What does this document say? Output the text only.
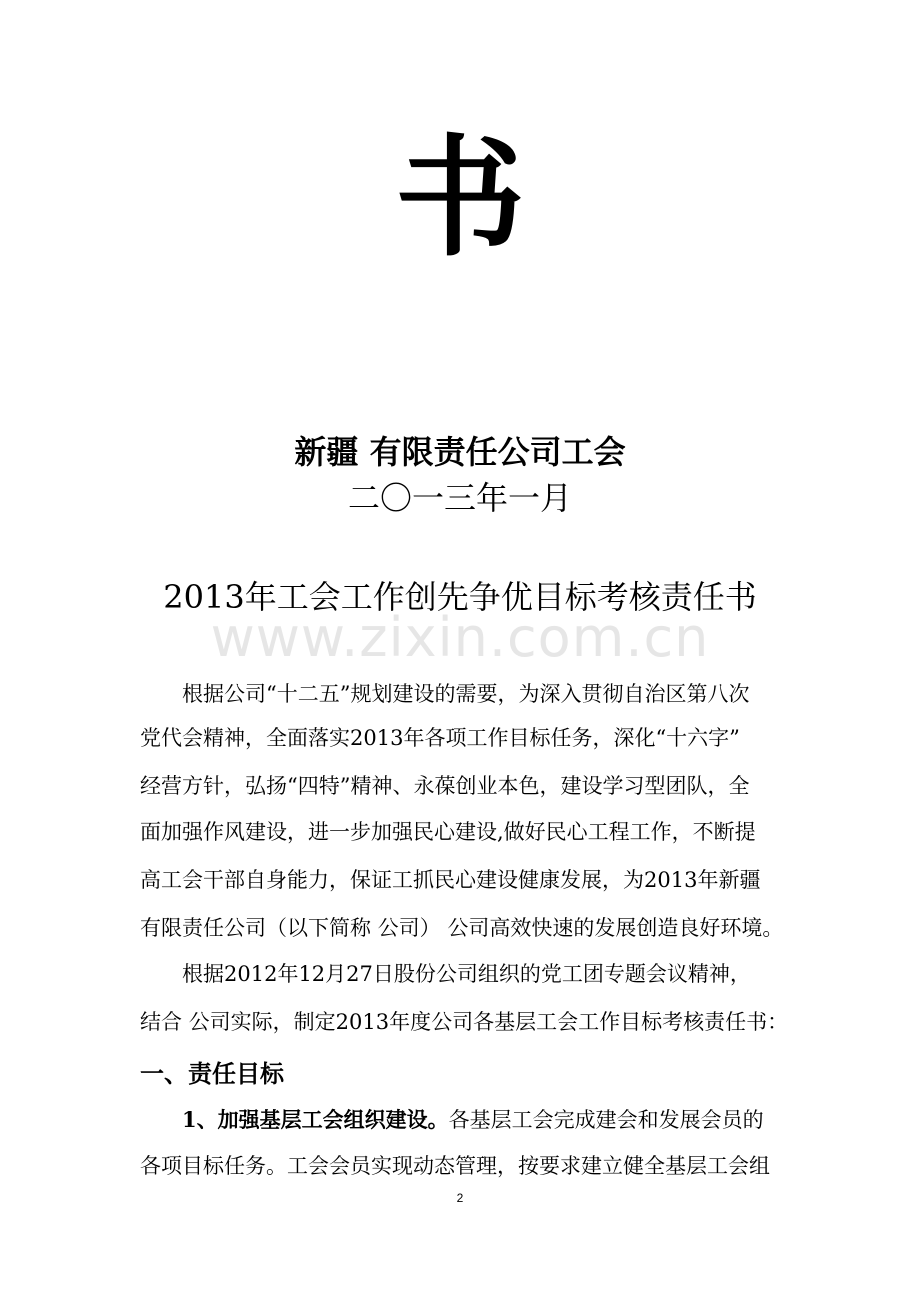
书
新疆 有限责任公司工会
二〇一三年一月
2013年工会工作创先争优目标考核责任书
www.zixin.com.cn
根据公司“十二五”规划建设的需要，为深入贯彻自治区第八次
党代会精神，全面落实2013年各项工作目标任务，深化“十六字”
经营方针，弘扬“四特”精神、永葆创业本色，建设学习型团队，全
面加强作风建设，进一步加强民心建设,做好民心工程工作，不断提
高工会干部自身能力，保证工抓民心建设健康发展，为2013年新疆
有限责任公司（以下简称 公司） 公司高效快速的发展创造良好环境。
根据2012年12月27日股份公司组织的党工团专题会议精神，
结合 公司实际，制定2013年度公司各基层工会工作目标考核责任书：
一、责任目标
1、加强基层工会组织建设。各基层工会完成建会和发展会员的
各项目标任务。工会会员实现动态管理，按要求建立健全基层工会组
2
